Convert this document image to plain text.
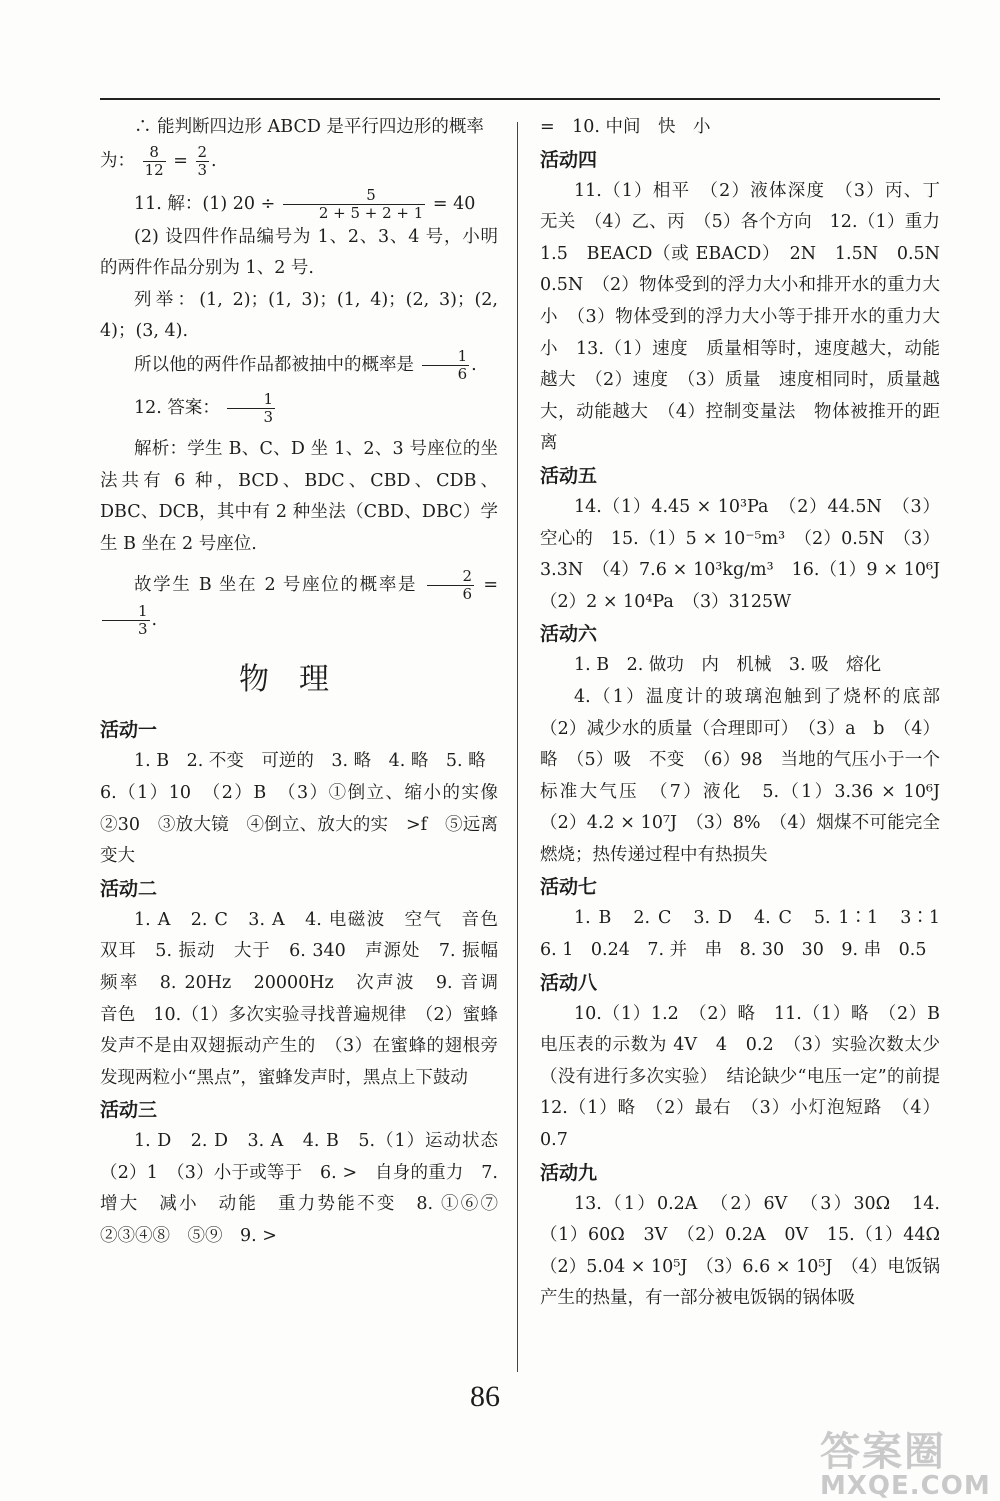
∴ 能判断四边形 ABCD 是平行四边形的概率

为： $\frac{8}{12} = \frac{2}{3}$ .

11. 解：(1) $20 \div \frac{5}{2 + 5 + 2 + 1} = 40$

(2) 设四件作品编号为 1、2、3、4 号，小明的两件作品分别为 1、2 号.

列举：(1, 2)；(1, 3)；(1, 4)；(2, 3)；(2, 4)；(3, 4).

所以他的两件作品都被抽中的概率是 $\frac{1}{6}$ .

12. 答案： $\frac{1}{3}$

解析：学生 B、C、D 坐 1、2、3 号座位的坐法共有 6 种，BCD、BDC、CBD、CDB、DBC、DCB，其中有 2 种坐法（CBD、DBC）学生 B 坐在 2 号座位.

故学生 B 坐在 2 号座位的概率是 $\frac{2}{6}$ =
$\frac{1}{3}$ .

物理

活动一

1. B　2. 不变　可逆的　3. 略　4. 略　5. 略

6.（1）10　（2）B　（3）①倒立、缩小的实像　②30　③放大镜　④倒立、放大的实　>f　⑤远离　变大

活动二

1. A　2. C　3. A　4. 电磁波　空气　音色　双耳　5. 振动　大于　6. 340　声源处　7. 振幅　频率　8. 20Hz　20000Hz　次声波　9. 音调　音色　10.（1）多次实验寻找普遍规律　（2）蜜蜂发声不是由双翅振动产生的　（3）在蜜蜂的翅根旁发现两粒小“黑点”，蜜蜂发声时，黑点上下鼓动

活动三

1. D　2. D　3. A　4. B　5.（1）运动状态　（2）1　（3）小于或等于　6. >　自身的重力　7. 增大　减小　动能　重力势能不变　8. ①⑥⑦　②③④⑧　⑤⑨　9. >

=　10. 中间　快　小

活动四

11.（1）相平　（2）液体深度　（3）丙、丁　无关　（4）乙、丙　（5）各个方向　12.（1）重力　1.5　BEACD（或 EBACD）　2N　1.5N　0.5N　0.5N　（2）物体受到的浮力大小和排开水的重力大小　（3）物体受到的浮力大小等于排开水的重力大小　13.（1）速度　质量相等时，速度越大，动能越大　（2）速度　（3）质量　速度相同时，质量越大，动能越大　（4）控制变量法　物体被推开的距离

活动五

14.（1）4.45 × 10³Pa　（2）44.5N　（3）空心的　15.（1）5 × 10⁻⁵m³　（2）0.5N　（3）3.3N　（4）7.6 × 10³kg/m³　16.（1）9 × 10⁶J　（2）2 × 10⁴Pa　（3）3125W

活动六

1. B　2. 做功　内　机械　3. 吸　熔化

4.（1）温度计的玻璃泡触到了烧杯的底部　（2）减少水的质量（合理即可）　（3）a　b　（4）略　（5）吸　不变　（6）98　当地的气压小于一个标准大气压　（7）液化　5.（1）3.36 × 10⁶J　（2）4.2 × 10⁷J　（3）8%　（4）烟煤不可能完全燃烧；热传递过程中有热损失

活动七

1. B　2. C　3. D　4. C　5. 1∶1　3∶1　6. 1　0.24　7. 并　串　8. 30　30　9. 串　0.5

活动八

10.（1）1.2　（2）略　11.（1）略　（2）B　电压表的示数为 4V　4　0.2　（3）实验次数太少（没有进行多次实验）　结论缺少“电压一定”的前提　12.（1）略　（2）最右　（3）小灯泡短路　（4）0.7

活动九

13.（1）0.2A　（2）6V　（3）30Ω　14.（1）60Ω　3V　（2）0.2A　0V　15.（1）44Ω　（2）5.04 × 10⁵J　（3）6.6 × 10⁵J　（4）电饭锅产生的热量，有一部分被电饭锅的锅体吸

86
答案圈
MXQE.COM
